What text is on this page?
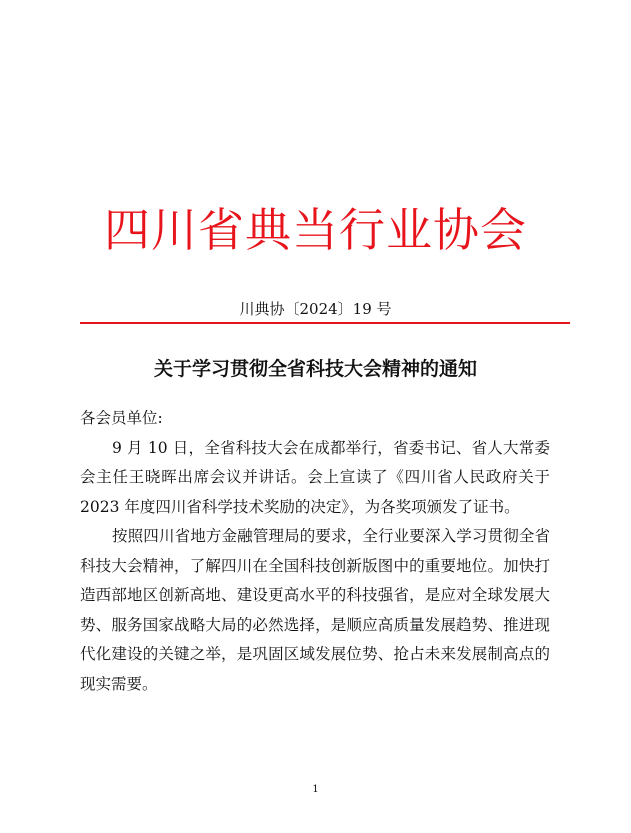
四川省典当行业协会
川典协〔2024〕19 号
关于学习贯彻全省科技大会精神的通知

各会员单位:

9 月 10 日，全省科技大会在成都举行，省委书记、省人大常委会主任王晓晖出席会议并讲话。会上宣读了《四川省人民政府关于 2023 年度四川省科学技术奖励的决定》，为各奖项颁发了证书。

按照四川省地方金融管理局的要求，全行业要深入学习贯彻全省科技大会精神，了解四川在全国科技创新版图中的重要地位。加快打造西部地区创新高地、建设更高水平的科技强省，是应对全球发展大势、服务国家战略大局的必然选择，是顺应高质量发展趋势、推进现代化建设的关键之举，是巩固区域发展位势、抢占未来发展制高点的现实需要。

1
